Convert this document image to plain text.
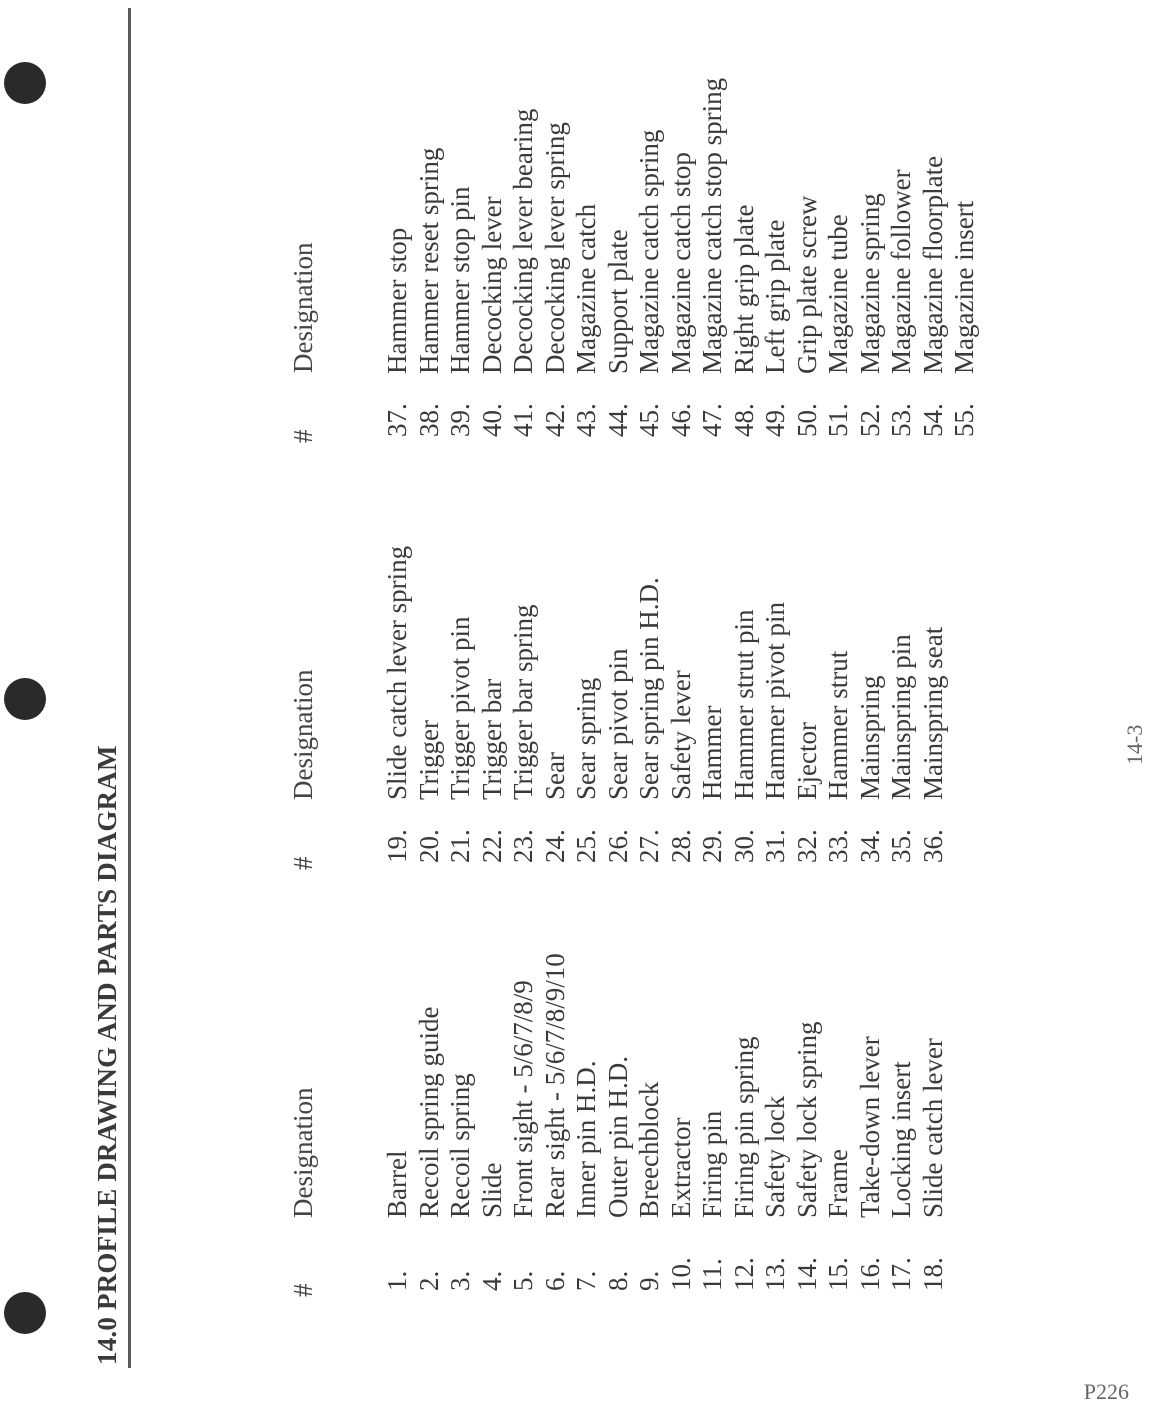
14.0 PROFILE DRAWING AND PARTS DIAGRAM	#
Designation
#
Designation
#
Designation
1.
Barrel
2.
Recoil spring guide
3.
Recoil spring
4.
Slide
5.
Front sight - 5/6/7/8/9
6.
Rear sight - 5/6/7/8/9/10
7.
Inner pin H.D.
8.
Outer pin H.D.
9.
Breechblock
10.
Extractor
11.
Firing pin
12.
Firing pin spring
13.
Safety lock
14.
Safety lock spring
15.
Frame
16.
Take-down lever
17.
Locking insert
18.
Slide catch lever
19.
Slide catch lever spring
20.
Trigger
21.
Trigger pivot pin
22.
Trigger bar
23.
Trigger bar spring
24.
Sear
25.
Sear spring
26.
Sear pivot pin
27.
Sear spring pin H.D.
28.
Safety lever
29.
Hammer
30.
Hammer strut pin
31.
Hammer pivot pin
32.
Ejector
33.
Hammer strut
34.
Mainspring
35.
Mainspring pin
36.
Mainspring seat
37.
Hammer stop
38.
Hammer reset spring
39.
Hammer stop pin
40.
Decocking lever
41.
Decocking lever bearing
42.
Decocking lever spring
43.
Magazine catch
44.
Support plate
45.
Magazine catch spring
46.
Magazine catch stop
47.
Magazine catch stop spring
48.
Right grip plate
49.
Left grip plate
50.
Grip plate screw
51.
Magazine tube
52.
Magazine spring
53.
Magazine follower
54.
Magazine floorplate
55.
Magazine insert
14-3
P226
